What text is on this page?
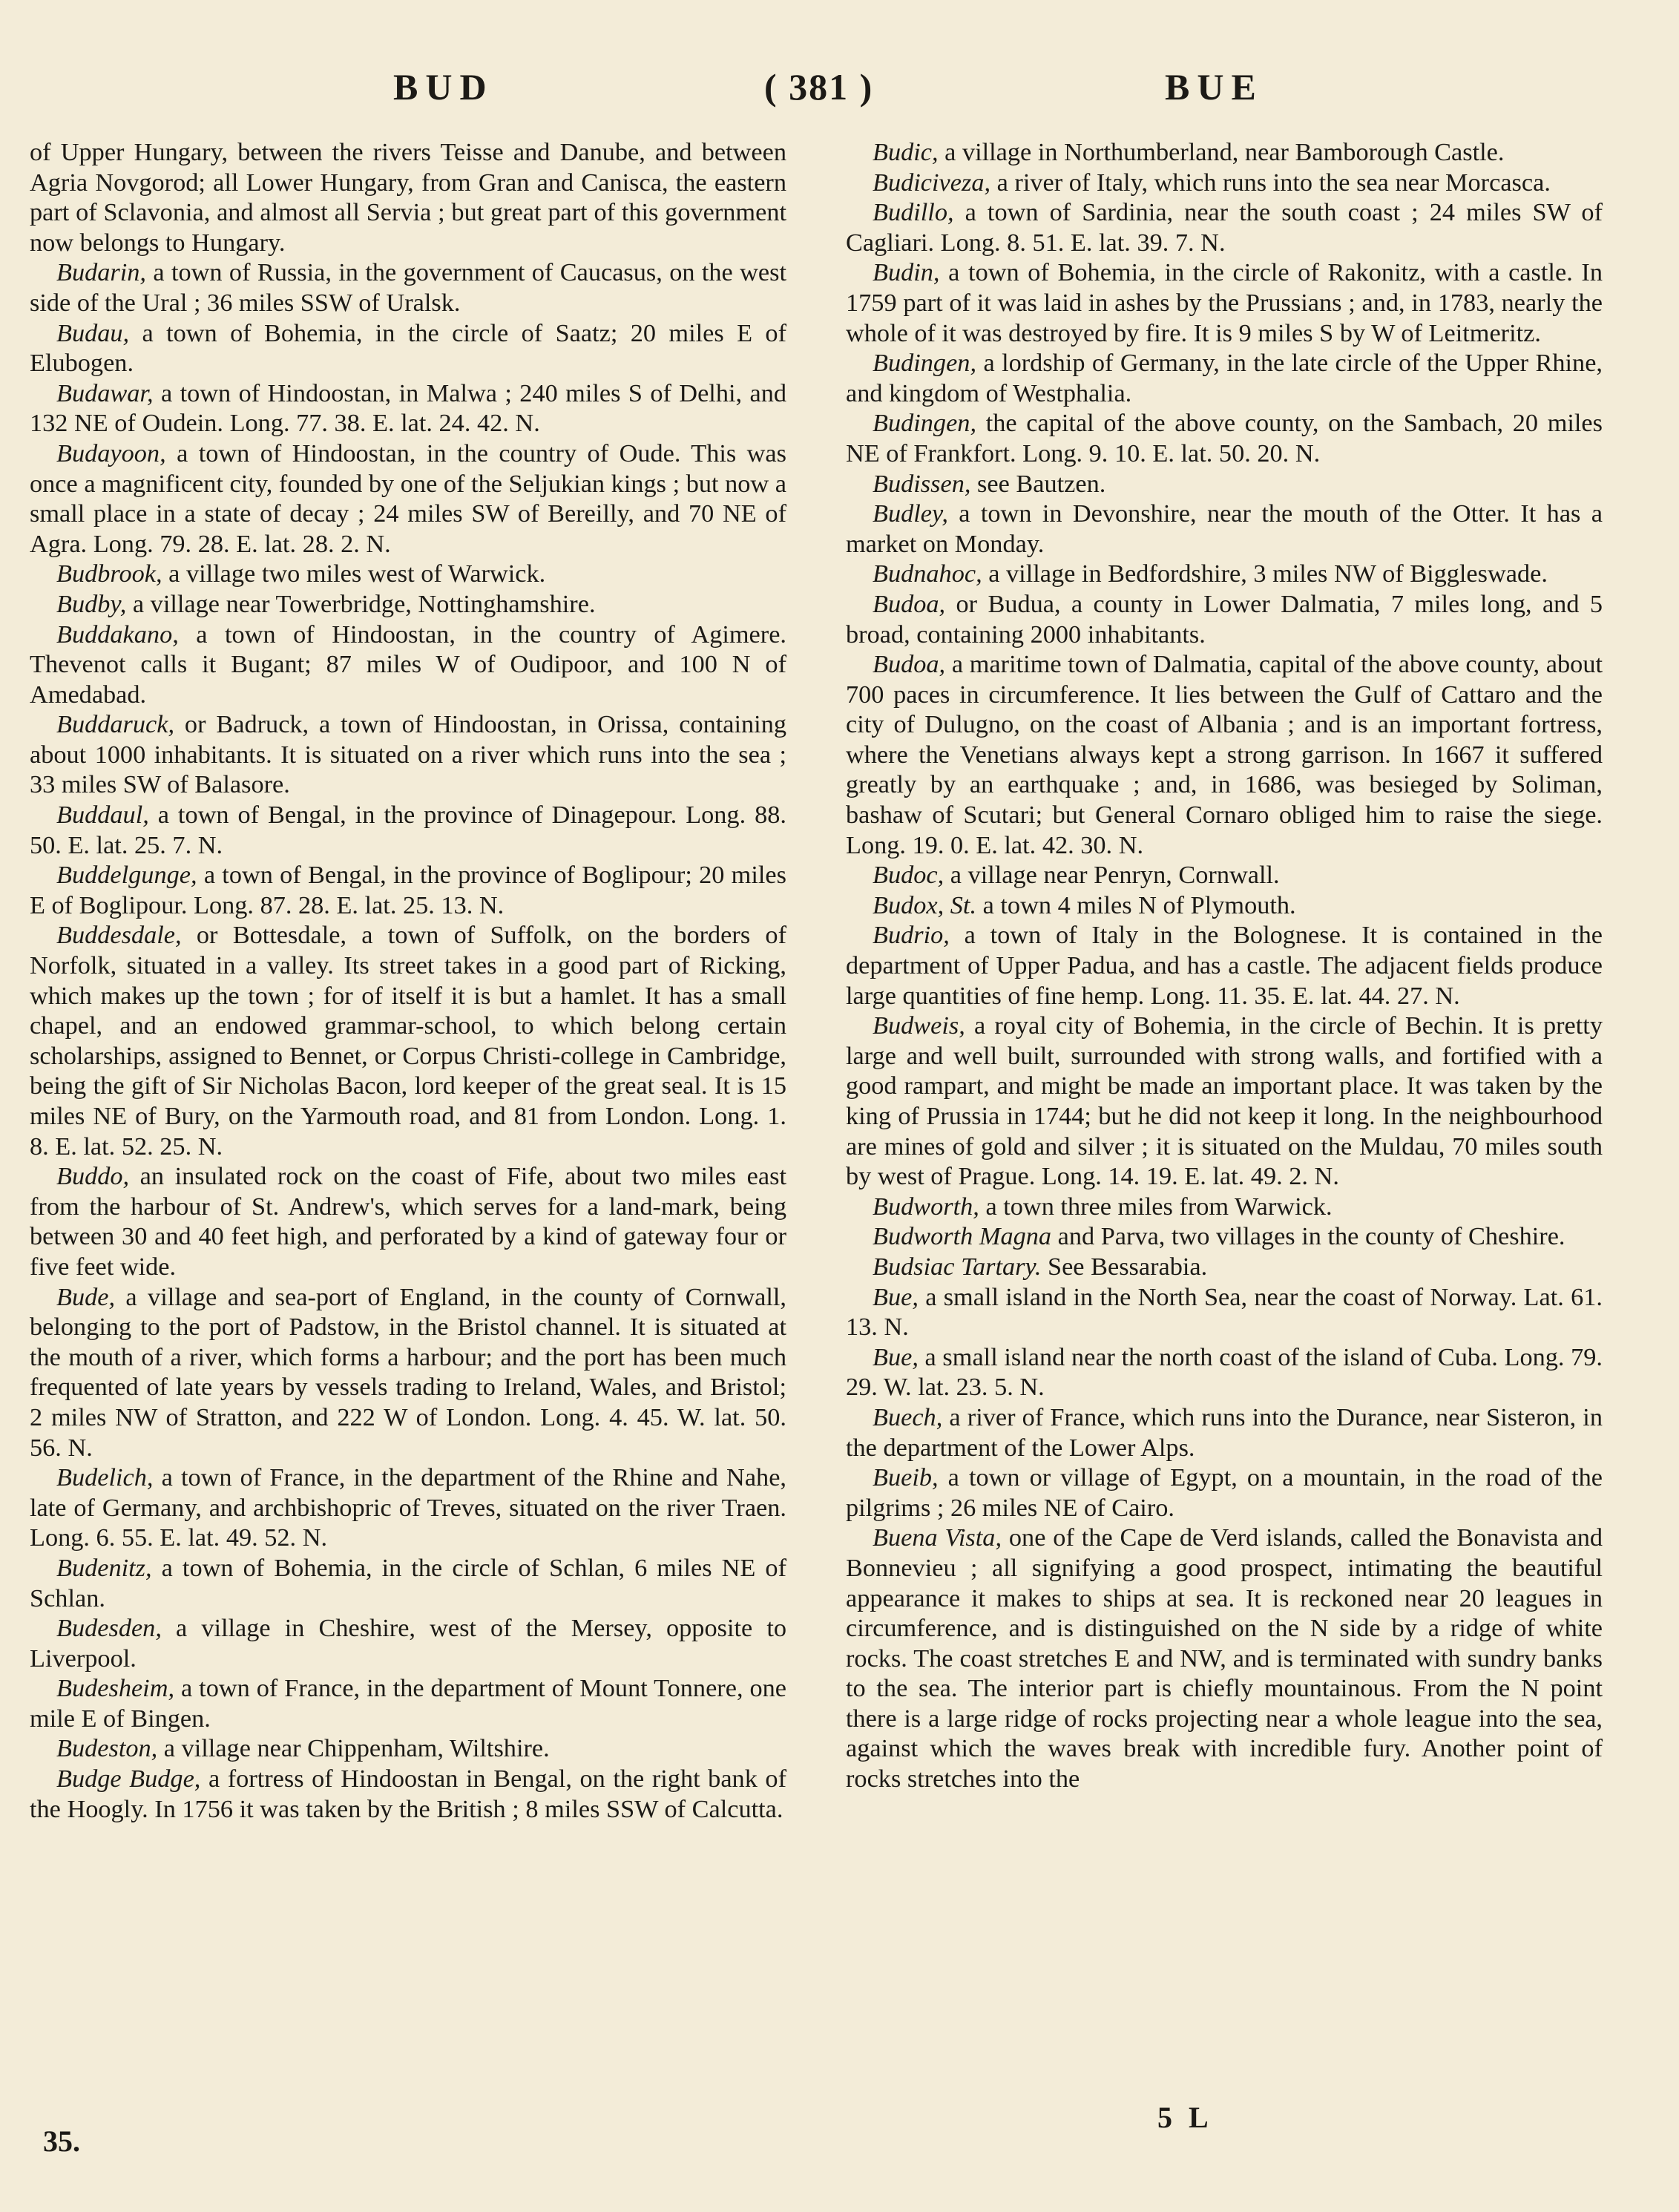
BUD	( 381 )	BUE

of Upper Hungary, between the rivers Teisse and Danube, and between Agria Novgorod; all Lower Hungary, from Gran and Canisca, the eastern part of Sclavonia, and almost all Servia ; but great part of this government now belongs to Hungary.

Budarin, a town of Russia, in the government of Caucasus, on the west side of the Ural ; 36 miles SSW of Uralsk.

Budau, a town of Bohemia, in the circle of Saatz; 20 miles E of Elubogen.

Budawar, a town of Hindoostan, in Malwa ; 240 miles S of Delhi, and 132 NE of Oudein. Long. 77. 38. E. lat. 24. 42. N.

Budayoon, a town of Hindoostan, in the country of Oude. This was once a magnificent city, founded by one of the Seljukian kings ; but now a small place in a state of decay ; 24 miles SW of Bereilly, and 70 NE of Agra. Long. 79. 28. E. lat. 28. 2. N.

Budbrook, a village two miles west of Warwick.

Budby, a village near Towerbridge, Nottinghamshire.

Buddakano, a town of Hindoostan, in the country of Agimere. Thevenot calls it Bugant; 87 miles W of Oudipoor, and 100 N of Amedabad.

Buddaruck, or Badruck, a town of Hindoostan, in Orissa, containing about 1000 inhabitants. It is situated on a river which runs into the sea ; 33 miles SW of Balasore.

Buddaul, a town of Bengal, in the province of Dinagepour. Long. 88. 50. E. lat. 25. 7. N.

Buddelgunge, a town of Bengal, in the province of Boglipour; 20 miles E of Boglipour. Long. 87. 28. E. lat. 25. 13. N.

Buddesdale, or Bottesdale, a town of Suffolk, on the borders of Norfolk, situated in a valley. Its street takes in a good part of Ricking, which makes up the town ; for of itself it is but a hamlet. It has a small chapel, and an endowed grammar-school, to which belong certain scholarships, assigned to Bennet, or Corpus Christi-college in Cambridge, being the gift of Sir Nicholas Bacon, lord keeper of the great seal. It is 15 miles NE of Bury, on the Yarmouth road, and 81 from London. Long. 1. 8. E. lat. 52. 25. N.

Buddo, an insulated rock on the coast of Fife, about two miles east from the harbour of St. Andrew's, which serves for a land-mark, being between 30 and 40 feet high, and perforated by a kind of gateway four or five feet wide.

Bude, a village and sea-port of England, in the county of Cornwall, belonging to the port of Padstow, in the Bristol channel. It is situated at the mouth of a river, which forms a harbour; and the port has been much frequented of late years by vessels trading to Ireland, Wales, and Bristol; 2 miles NW of Stratton, and 222 W of London. Long. 4. 45. W. lat. 50. 56. N.

Budelich, a town of France, in the department of the Rhine and Nahe, late of Germany, and archbishopric of Treves, situated on the river Traen. Long. 6. 55. E. lat. 49. 52. N.

Budenitz, a town of Bohemia, in the circle of Schlan, 6 miles NE of Schlan.

Budesden, a village in Cheshire, west of the Mersey, opposite to Liverpool.

Budesheim, a town of France, in the department of Mount Tonnere, one mile E of Bingen.

Budeston, a village near Chippenham, Wiltshire.

Budge Budge, a fortress of Hindoostan in Bengal, on the right bank of the Hoogly. In 1756 it was taken by the British ; 8 miles SSW of Calcutta.

Budic, a village in Northumberland, near Bamborough Castle.

Budiciveza, a river of Italy, which runs into the sea near Morcasca.

Budillo, a town of Sardinia, near the south coast ; 24 miles SW of Cagliari. Long. 8. 51. E. lat. 39. 7. N.

Budin, a town of Bohemia, in the circle of Rakonitz, with a castle. In 1759 part of it was laid in ashes by the Prussians ; and, in 1783, nearly the whole of it was destroyed by fire. It is 9 miles S by W of Leitmeritz.

Budingen, a lordship of Germany, in the late circle of the Upper Rhine, and kingdom of Westphalia.

Budingen, the capital of the above county, on the Sambach, 20 miles NE of Frankfort. Long. 9. 10. E. lat. 50. 20. N.

Budissen, see Bautzen.

Budley, a town in Devonshire, near the mouth of the Otter. It has a market on Monday.

Budnahoc, a village in Bedfordshire, 3 miles NW of Biggleswade.

Budoa, or Budua, a county in Lower Dalmatia, 7 miles long, and 5 broad, containing 2000 inhabitants.

Budoa, a maritime town of Dalmatia, capital of the above county, about 700 paces in circumference. It lies between the Gulf of Cattaro and the city of Dulugno, on the coast of Albania ; and is an important fortress, where the Venetians always kept a strong garrison. In 1667 it suffered greatly by an earthquake ; and, in 1686, was besieged by Soliman, bashaw of Scutari; but General Cornaro obliged him to raise the siege. Long. 19. 0. E. lat. 42. 30. N.

Budoc, a village near Penryn, Cornwall.

Budox, St. a town 4 miles N of Plymouth.

Budrio, a town of Italy in the Bolognese. It is contained in the department of Upper Padua, and has a castle. The adjacent fields produce large quantities of fine hemp. Long. 11. 35. E. lat. 44. 27. N.

Budweis, a royal city of Bohemia, in the circle of Bechin. It is pretty large and well built, surrounded with strong walls, and fortified with a good rampart, and might be made an important place. It was taken by the king of Prussia in 1744; but he did not keep it long. In the neighbourhood are mines of gold and silver ; it is situated on the Muldau, 70 miles south by west of Prague. Long. 14. 19. E. lat. 49. 2. N.

Budworth, a town three miles from Warwick.

Budworth Magna and Parva, two villages in the county of Cheshire.

Budsiac Tartary. See Bessarabia.

Bue, a small island in the North Sea, near the coast of Norway. Lat. 61. 13. N.

Bue, a small island near the north coast of the island of Cuba. Long. 79. 29. W. lat. 23. 5. N.

Buech, a river of France, which runs into the Durance, near Sisteron, in the department of the Lower Alps.

Bueib, a town or village of Egypt, on a mountain, in the road of the pilgrims ; 26 miles NE of Cairo.

Buena Vista, one of the Cape de Verd islands, called the Bonavista and Bonnevieu ; all signifying a good prospect, intimating the beautiful appearance it makes to ships at sea. It is reckoned near 20 leagues in circumference, and is distinguished on the N side by a ridge of white rocks. The coast stretches E and NW, and is terminated with sundry banks to the sea. The interior part is chiefly mountainous. From the N point there is a large ridge of rocks projecting near a whole league into the sea, against which the waves break with incredible fury. Another point of rocks stretches into the

35.
5 L
